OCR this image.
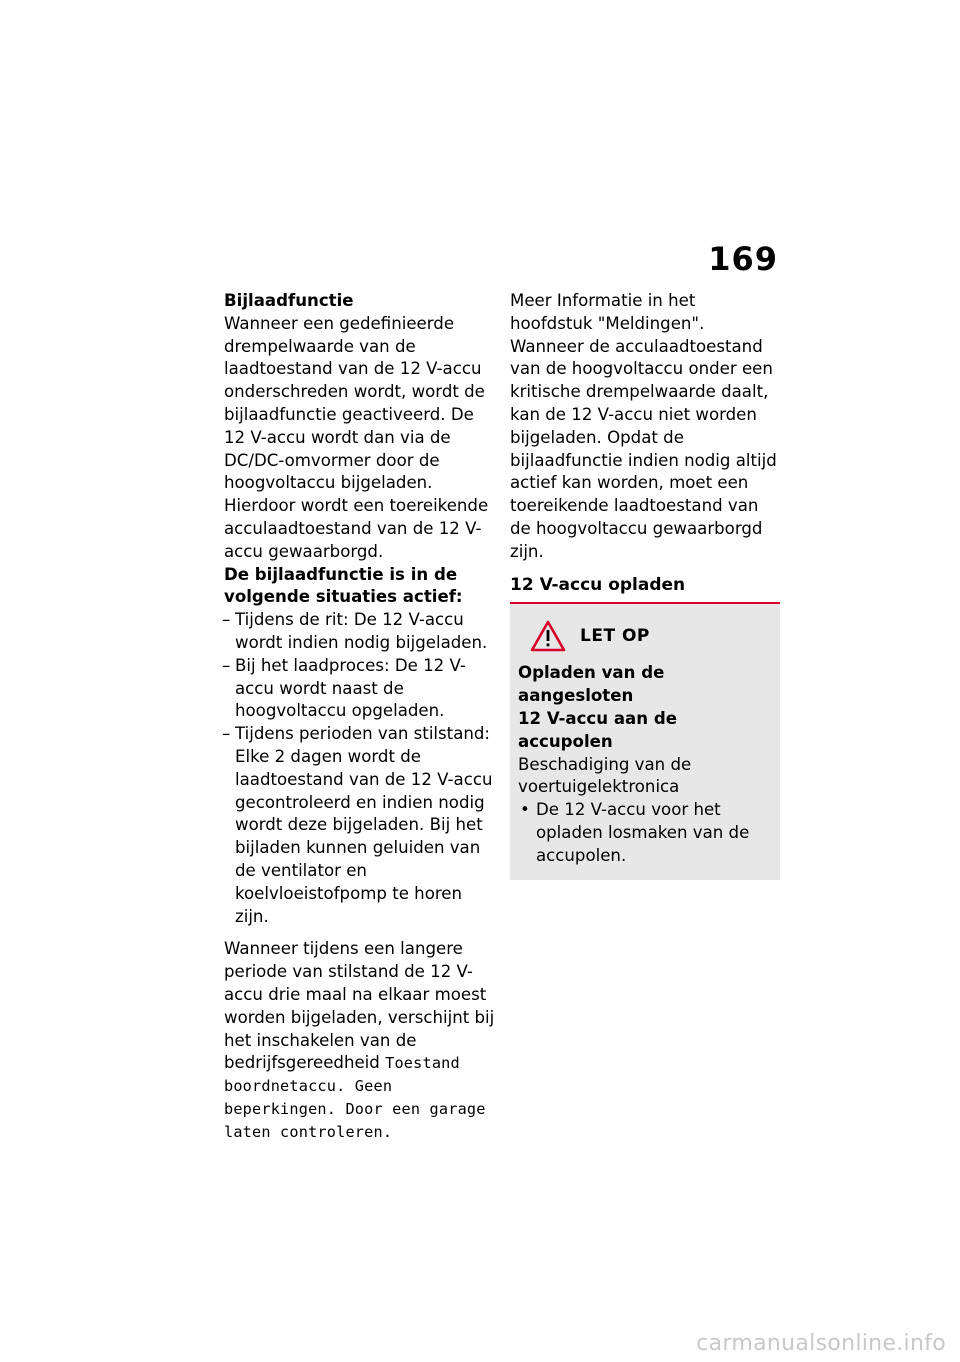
169
Bijlaadfunctie

Wanneer een gedefinieerde drempelwaarde van de laadtoestand van de 12 V-accu onderschreden wordt, wordt de bijlaadfunctie geactiveerd. De 12 V-accu wordt dan via de DC/DC-omvormer door de hoogvoltaccu bijgeladen. Hierdoor wordt een toereikende acculaadtoestand van de 12 V-accu gewaarborgd.

De bijlaadfunctie is in de
volgende situaties actief:
– Tijdens de rit: De 12 V-accu wordt indien nodig bijgeladen.
– Bij het laadproces: De 12 V-accu wordt naast de hoogvoltaccu opgeladen.
– Tijdens perioden van stilstand: Elke 2 dagen wordt de laadtoestand van de 12 V-accu gecontroleerd en indien nodig wordt deze bijgeladen. Bij het bijladen kunnen geluiden van de ventilator en koelvloeistofpomp te horen zijn.

Wanneer tijdens een langere periode van stilstand de 12 V-accu drie maal na elkaar moest worden bijgeladen, verschijnt bij het inschakelen van de bedrijfsgereedheid Toestand boordnetaccu. Geen beperkingen. Door een garage laten controleren.

Meer Informatie in het hoofdstuk "Meldingen".

Wanneer de acculaadtoestand van de hoogvoltaccu onder een kritische drempelwaarde daalt, kan de 12 V-accu niet worden bijgeladen. Opdat de bijlaadfunctie indien nodig altijd actief kan worden, moet een toereikende laadtoestand van de hoogvoltaccu gewaarborgd zijn.

12 V-accu opladen
LET OP
Opladen van de aangesloten
12 V-accu aan de accupolen

Beschadiging van de voertuigelektronica

• De 12 V-accu voor het opladen losmaken van de accupolen.
carmanualsonline.info
